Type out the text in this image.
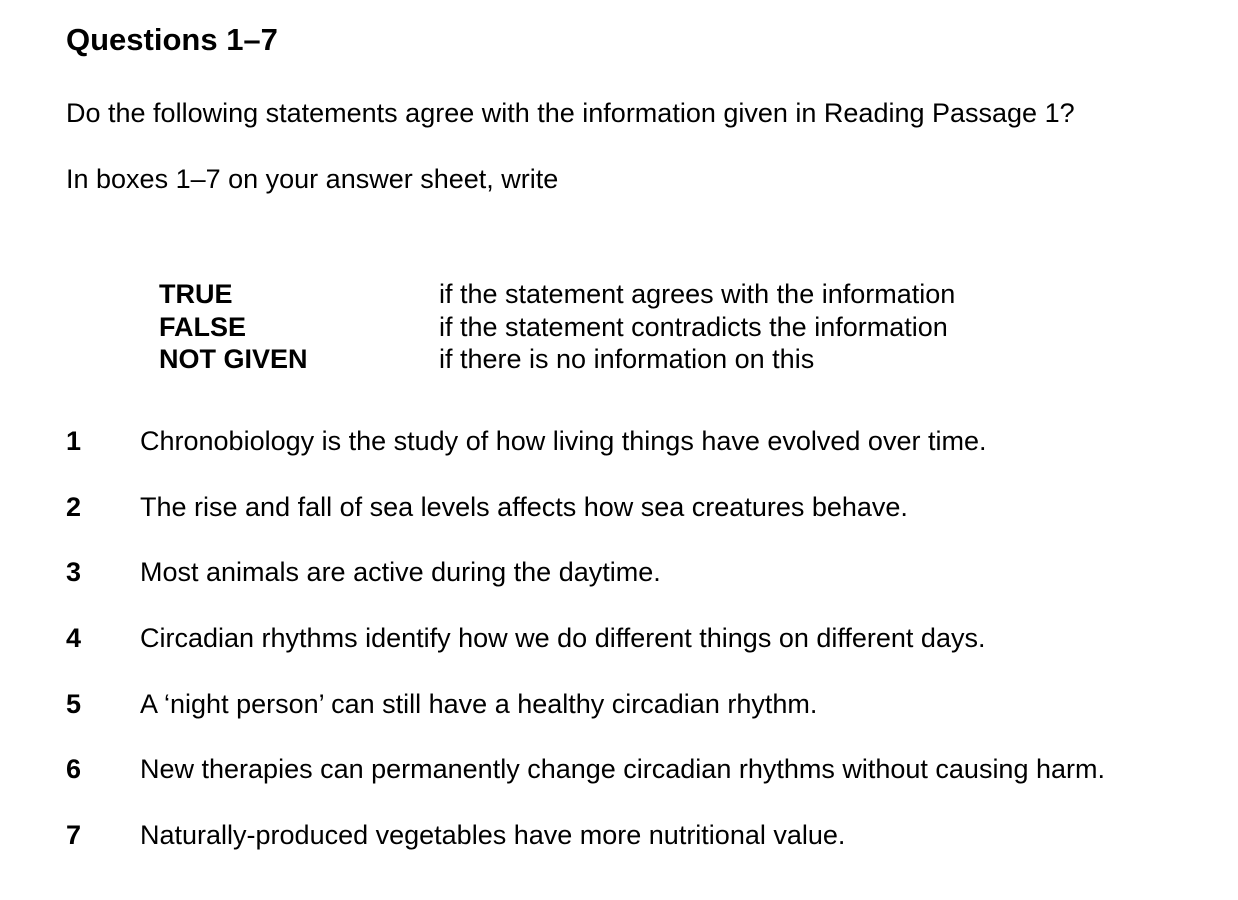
Questions 1–7
Do the following statements agree with the information given in Reading Passage 1?
In boxes 1–7 on your answer sheet, write
TRUE	if the statement agrees with the information
FALSE	if the statement contradicts the information
NOT GIVEN	if there is no information on this
1 Chronobiology is the study of how living things have evolved over time.
2 The rise and fall of sea levels affects how sea creatures behave.
3 Most animals are active during the daytime.
4 Circadian rhythms identify how we do different things on different days.
5 A ‘night person’ can still have a healthy circadian rhythm.
6 New therapies can permanently change circadian rhythms without causing harm.
7 Naturally-produced vegetables have more nutritional value.
